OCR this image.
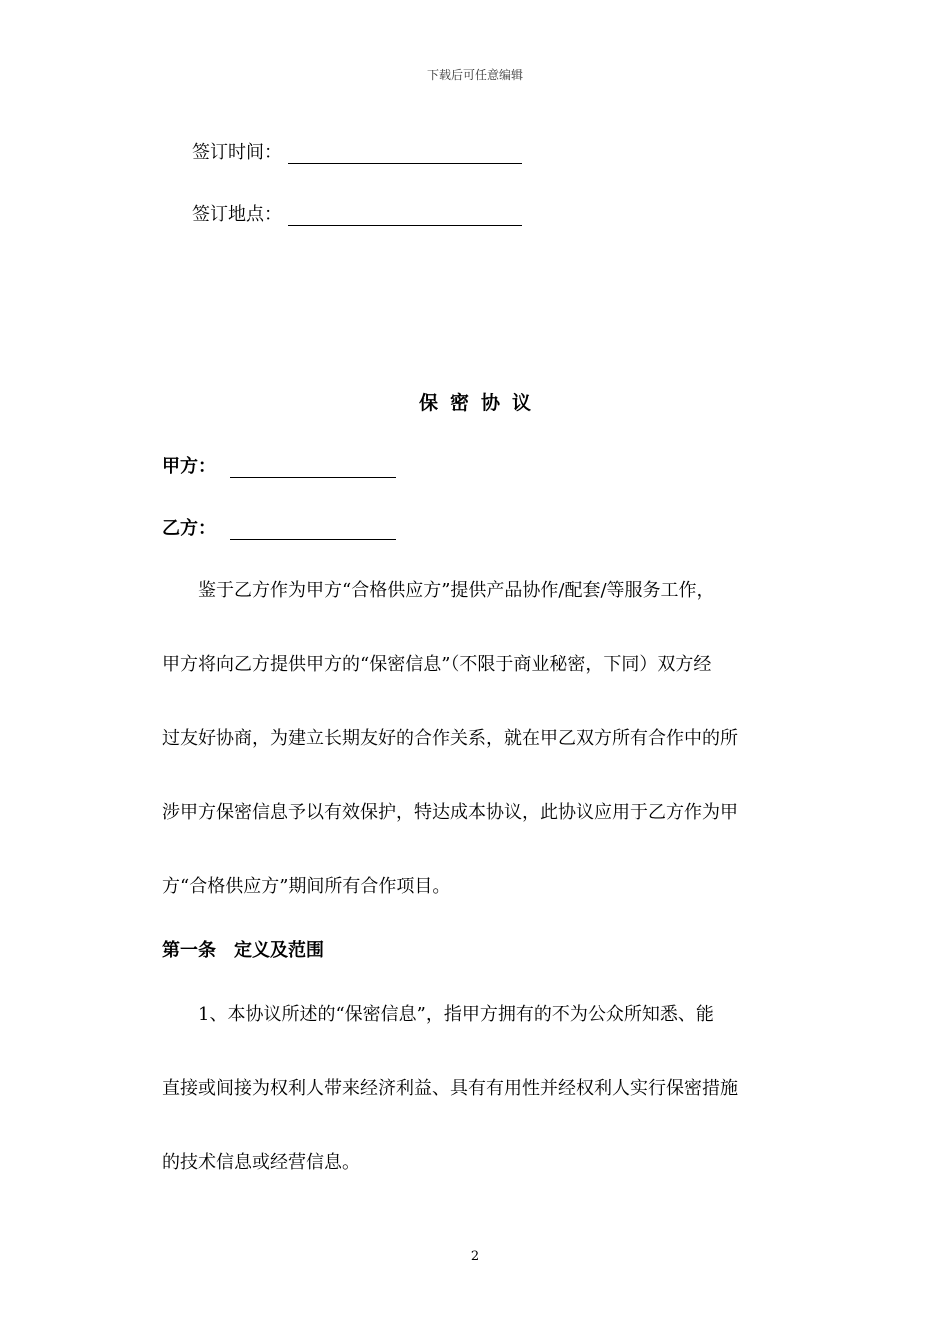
下载后可任意编辑
签订时间：
签订地点：
保密协议
甲方：
乙方：
　　鉴于乙方作为甲方“合格供应方”提供产品协作/配套/等服务工作，
甲方将向乙方提供甲方的“保密信息”（不限于商业秘密，下同）双方经
过友好协商，为建立长期友好的合作关系，就在甲乙双方所有合作中的所
涉甲方保密信息予以有效保护，特达成本协议，此协议应用于乙方作为甲
方“合格供应方”期间所有合作项目。
第一条　定义及范围
　　1、本协议所述的“保密信息”，指甲方拥有的不为公众所知悉、能
直接或间接为权利人带来经济利益、具有有用性并经权利人实行保密措施
的技术信息或经营信息。
2
